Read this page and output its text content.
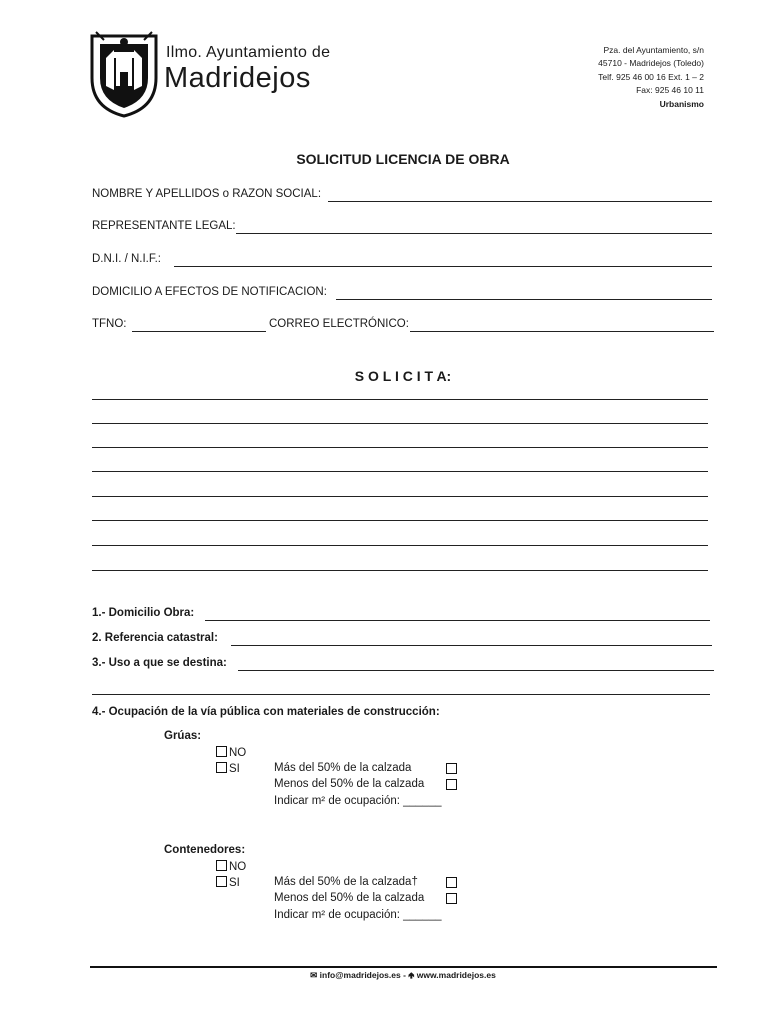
Ilmo. Ayuntamiento de
Madridejos
Pza. del Ayuntamiento, s/n
45710 - Madridejos (Toledo)
Telf. 925 46 00 16 Ext. 1 – 2
Fax: 925 46 10 11
Urbanismo
SOLICITUD LICENCIA DE OBRA
NOMBRE Y APELLIDOS o RAZON SOCIAL:
REPRESENTANTE LEGAL:
D.N.I. / N.I.F.:
DOMICILIO A EFECTOS DE NOTIFICACION:
TFNO:	CORREO ELECTRÓNICO:
S O L I C I T A:
1.- Domicilio Obra:
2. Referencia catastral:
3.- Uso a que se destina:
4.- Ocupación de la vía pública con materiales de construcción:
Grúas:
NO
SI	Más del 50% de la calzada
Menos del 50% de la calzada
Indicar m² de ocupación: ______
Contenedores:
NO
SI	Más del 50% de la calzada†
Menos del 50% de la calzada
Indicar m² de ocupación: ______
✉ info@madridejos.es - 🢁 www.madridejos.es
